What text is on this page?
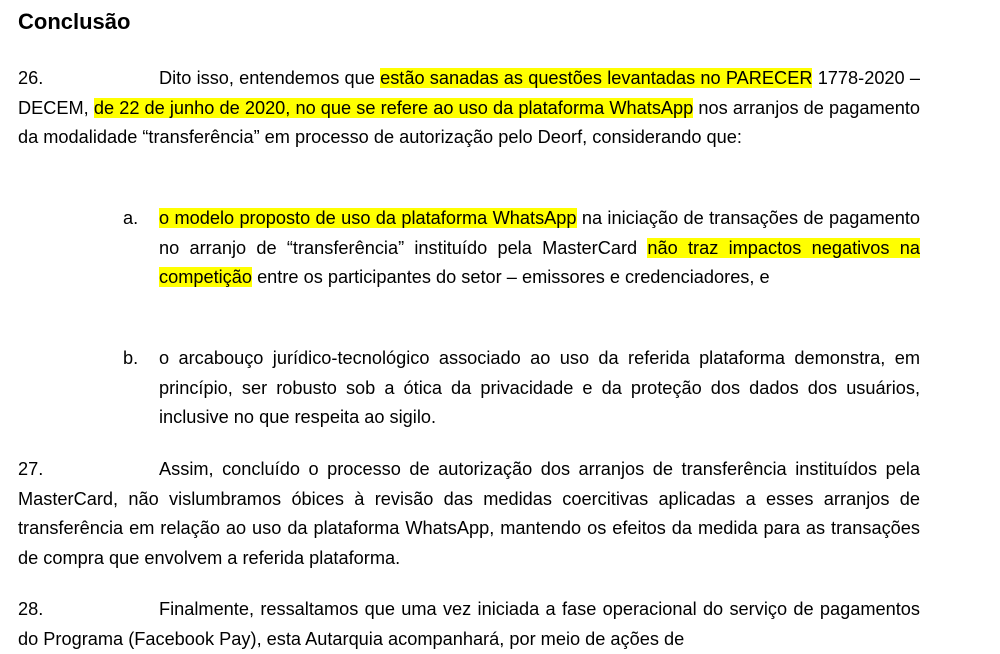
Conclusão

26.	Dito isso, entendemos que estão sanadas as questões levantadas no PARECER 1778-2020 – DECEM, de 22 de junho de 2020, no que se refere ao uso da plataforma WhatsApp nos arranjos de pagamento da modalidade “transferência” em processo de autorização pelo Deorf, considerando que:

a. o modelo proposto de uso da plataforma WhatsApp na iniciação de transações de pagamento no arranjo de “transferência” instituído pela MasterCard não traz impactos negativos na competição entre os participantes do setor – emissores e credenciadores, e

b. o arcabouço jurídico-tecnológico associado ao uso da referida plataforma demonstra, em princípio, ser robusto sob a ótica da privacidade e da proteção dos dados dos usuários, inclusive no que respeita ao sigilo.

27.	Assim, concluído o processo de autorização dos arranjos de transferência instituídos pela MasterCard, não vislumbramos óbices à revisão das medidas coercitivas aplicadas a esses arranjos de transferência em relação ao uso da plataforma WhatsApp, mantendo os efeitos da medida para as transações de compra que envolvem a referida plataforma.

28.	Finalmente, ressaltamos que uma vez iniciada a fase operacional do serviço de pagamentos do Programa (Facebook Pay), esta Autarquia acompanhará, por meio de ações de
